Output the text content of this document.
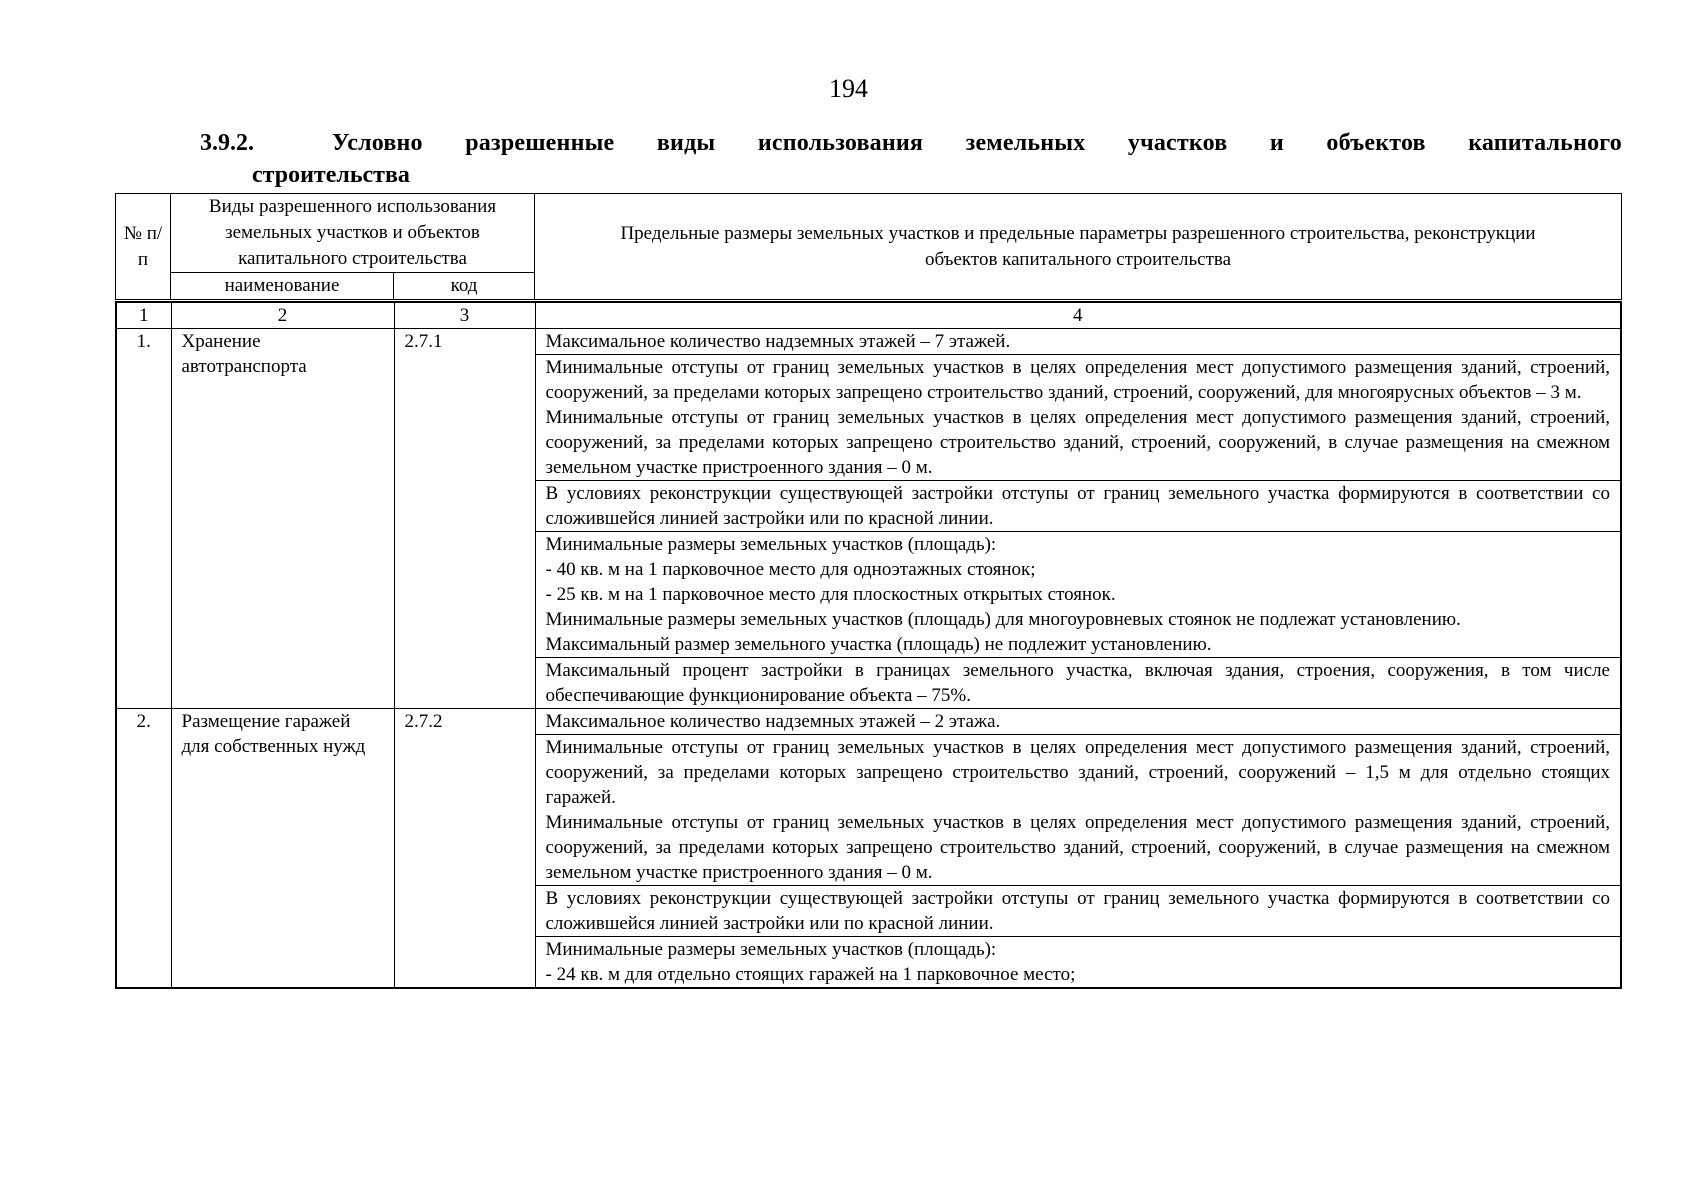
194
3.9.2.	Условно разрешенные виды использования земельных участков и объектов капитального
строительства
№ п/п	Виды разрешенного использования земельных участков и объектов капитального строительства		Предельные размеры земельных участков и предельные параметры разрешенного строительства, реконструкции объектов капитального строительства
	наименование	код	
1	2	3	4
1.	Хранение автотранспорта	2.7.1	Максимальное количество надземных этажей – 7 этажей.
			Минимальные отступы от границ земельных участков в целях определения мест допустимого размещения зданий, строений, сооружений, за пределами которых запрещено строительство зданий, строений, сооружений, для многоярусных объектов – 3 м.
Минимальные отступы от границ земельных участков в целях определения мест допустимого размещения зданий, строений, сооружений, за пределами которых запрещено строительство зданий, строений, сооружений, в случае размещения на смежном земельном участке пристроенного здания – 0 м.
			В условиях реконструкции существующей застройки отступы от границ земельного участка формируются в соответствии со сложившейся линией застройки или по красной линии.
			Минимальные размеры земельных участков (площадь):
- 40 кв. м на 1 парковочное место для одноэтажных стоянок;
- 25 кв. м на 1 парковочное место для плоскостных открытых стоянок.
Минимальные размеры земельных участков (площадь) для многоуровневых стоянок не подлежат установлению.
Максимальный размер земельного участка (площадь) не подлежит установлению.
			Максимальный процент застройки в границах земельного участка, включая здания, строения, сооружения, в том числе обеспечивающие функционирование объекта – 75%.
2.	Размещение гаражей для собственных нужд	2.7.2	Максимальное количество надземных этажей – 2 этажа.
			Минимальные отступы от границ земельных участков в целях определения мест допустимого размещения зданий, строений, сооружений, за пределами которых запрещено строительство зданий, строений, сооружений – 1,5 м для отдельно стоящих гаражей.
Минимальные отступы от границ земельных участков в целях определения мест допустимого размещения зданий, строений, сооружений, за пределами которых запрещено строительство зданий, строений, сооружений, в случае размещения на смежном земельном участке пристроенного здания – 0 м.
			В условиях реконструкции существующей застройки отступы от границ земельного участка формируются в соответствии со сложившейся линией застройки или по красной линии.
			Минимальные размеры земельных участков (площадь):
- 24 кв. м для отдельно стоящих гаражей на 1 парковочное место;
